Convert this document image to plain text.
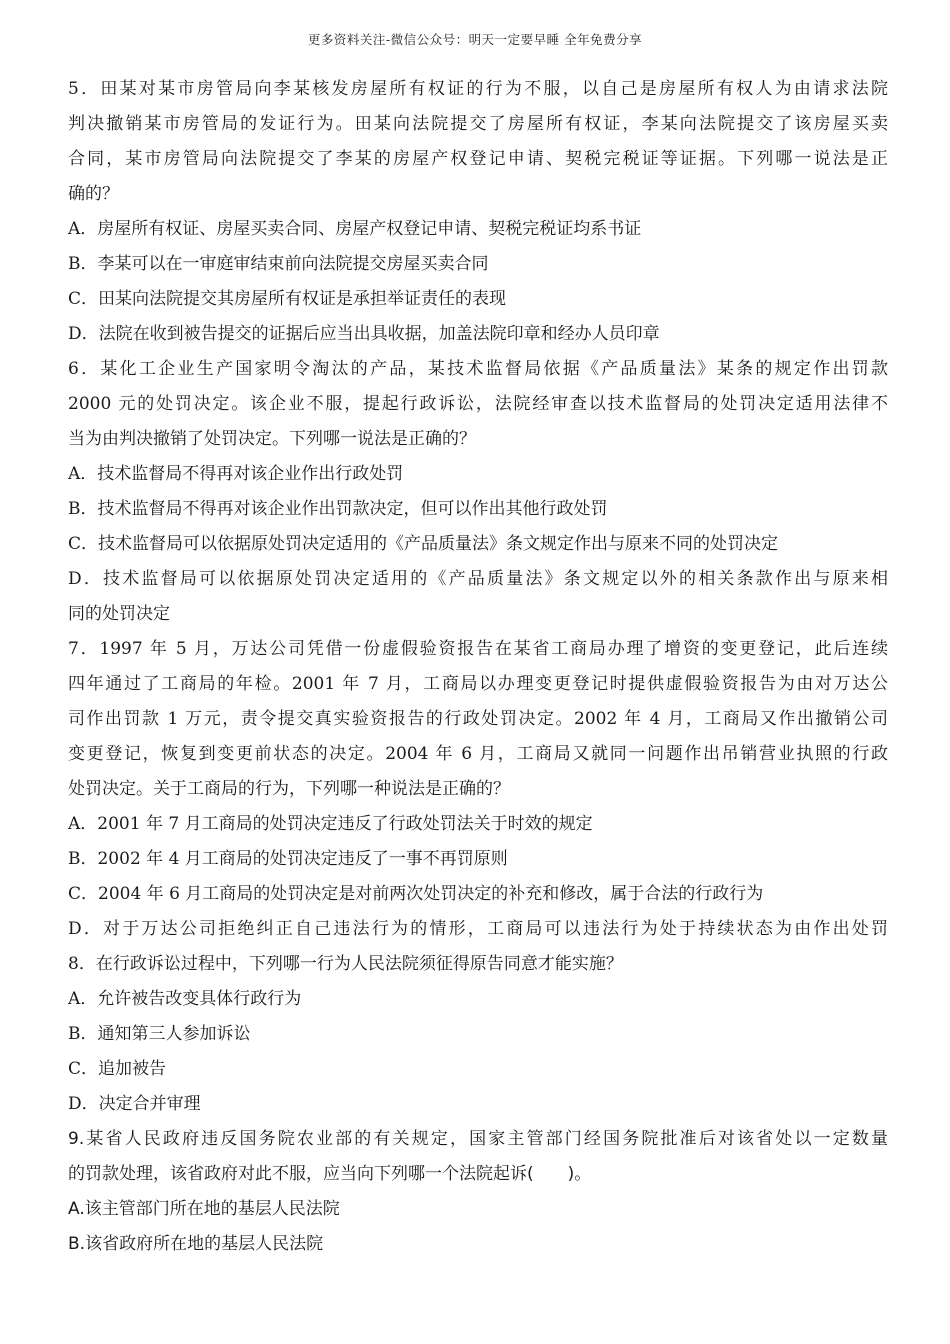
更多资料关注-微信公众号：明天一定要早睡 全年免费分享
5．田某对某市房管局向李某核发房屋所有权证的行为不服，以自己是房屋所有权人为由请求法院
判决撤销某市房管局的发证行为。田某向法院提交了房屋所有权证，李某向法院提交了该房屋买卖
合同，某市房管局向法院提交了李某的房屋产权登记申请、契税完税证等证据。下列哪一说法是正
确的？
A．房屋所有权证、房屋买卖合同、房屋产权登记申请、契税完税证均系书证
B．李某可以在一审庭审结束前向法院提交房屋买卖合同
C．田某向法院提交其房屋所有权证是承担举证责任的表现
D．法院在收到被告提交的证据后应当出具收据，加盖法院印章和经办人员印章
6．某化工企业生产国家明令淘汰的产品，某技术监督局依据《产品质量法》某条的规定作出罚款
2000 元的处罚决定。该企业不服，提起行政诉讼，法院经审查以技术监督局的处罚决定适用法律不
当为由判决撤销了处罚决定。下列哪一说法是正确的？
A．技术监督局不得再对该企业作出行政处罚
B．技术监督局不得再对该企业作出罚款决定，但可以作出其他行政处罚
C．技术监督局可以依据原处罚决定适用的《产品质量法》条文规定作出与原来不同的处罚决定
D．技术监督局可以依据原处罚决定适用的《产品质量法》条文规定以外的相关条款作出与原来相
同的处罚决定
7．1997 年 5 月，万达公司凭借一份虚假验资报告在某省工商局办理了增资的变更登记，此后连续
四年通过了工商局的年检。2001 年 7 月，工商局以办理变更登记时提供虚假验资报告为由对万达公
司作出罚款 1 万元，责令提交真实验资报告的行政处罚决定。2002 年 4 月，工商局又作出撤销公司
变更登记，恢复到变更前状态的决定。2004 年 6 月，工商局又就同一问题作出吊销营业执照的行政
处罚决定。关于工商局的行为，下列哪一种说法是正确的？
A．2001 年 7 月工商局的处罚决定违反了行政处罚法关于时效的规定
B．2002 年 4 月工商局的处罚决定违反了一事不再罚原则
C．2004 年 6 月工商局的处罚决定是对前两次处罚决定的补充和修改，属于合法的行政行为
D．对于万达公司拒绝纠正自己违法行为的情形，工商局可以违法行为处于持续状态为由作出处罚
8．在行政诉讼过程中，下列哪一行为人民法院须征得原告同意才能实施？
A．允许被告改变具体行政行为
B．通知第三人参加诉讼
C．追加被告
D．决定合并审理
9.某省人民政府违反国务院农业部的有关规定，国家主管部门经国务院批准后对该省处以一定数量
的罚款处理，该省政府对此不服，应当向下列哪一个法院起诉(　　)。
A.该主管部门所在地的基层人民法院
B.该省政府所在地的基层人民法院
